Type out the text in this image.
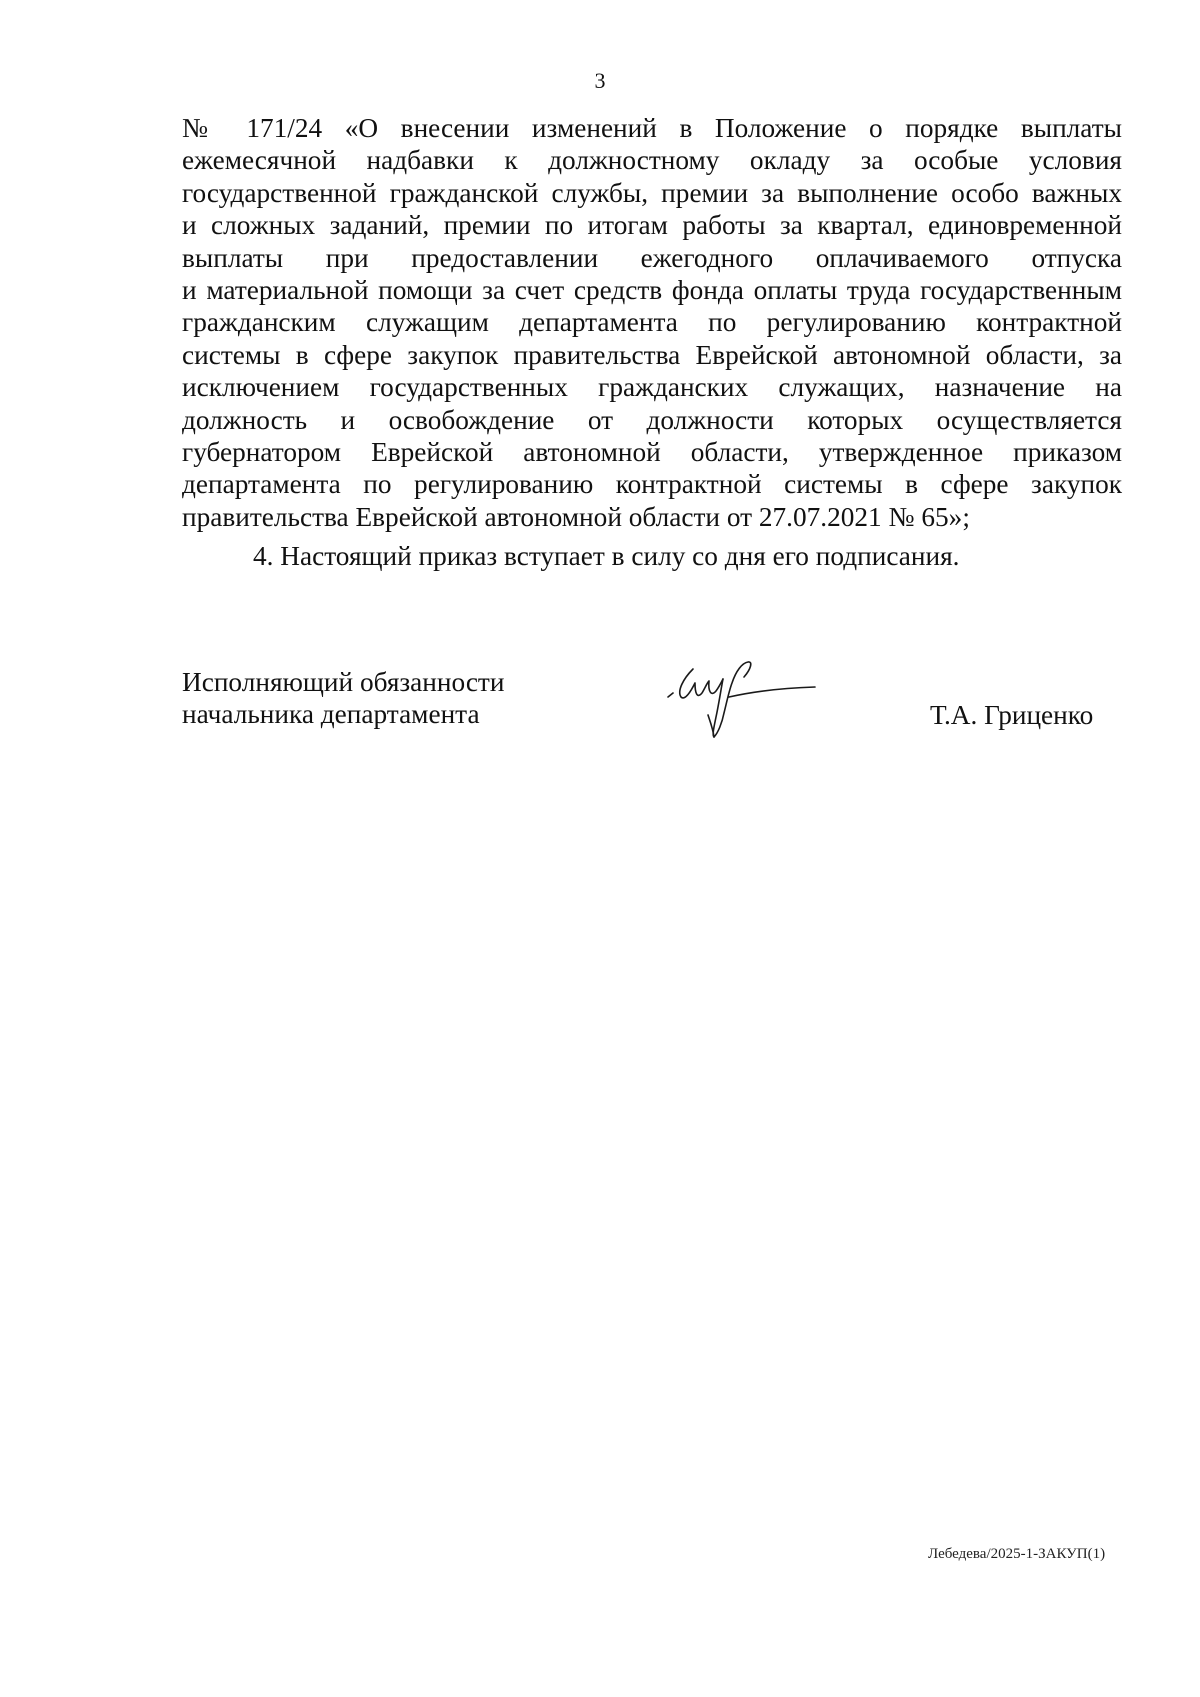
3
№ 171/24 «О внесении изменений в Положение о порядке выплаты
ежемесячной надбавки к должностному окладу за особые условия
государственной гражданской службы, премии за выполнение особо важных
и сложных заданий, премии по итогам работы за квартал, единовременной
выплаты при предоставлении ежегодного оплачиваемого отпуска
и материальной помощи за счет средств фонда оплаты труда государственным
гражданским служащим департамента по регулированию контрактной
системы в сфере закупок правительства Еврейской автономной области, за
исключением государственных гражданских служащих, назначение на
должность и освобождение от должности которых осуществляется
губернатором Еврейской автономной области, утвержденное приказом
департамента по регулированию контрактной системы в сфере закупок
правительства Еврейской автономной области от 27.07.2021 № 65»;
4. Настоящий приказ вступает в силу со дня его подписания.
Исполняющий обязанности
начальника департамента	Т.А. Гриценко
Лебедева/2025-1-ЗАКУП(1)
